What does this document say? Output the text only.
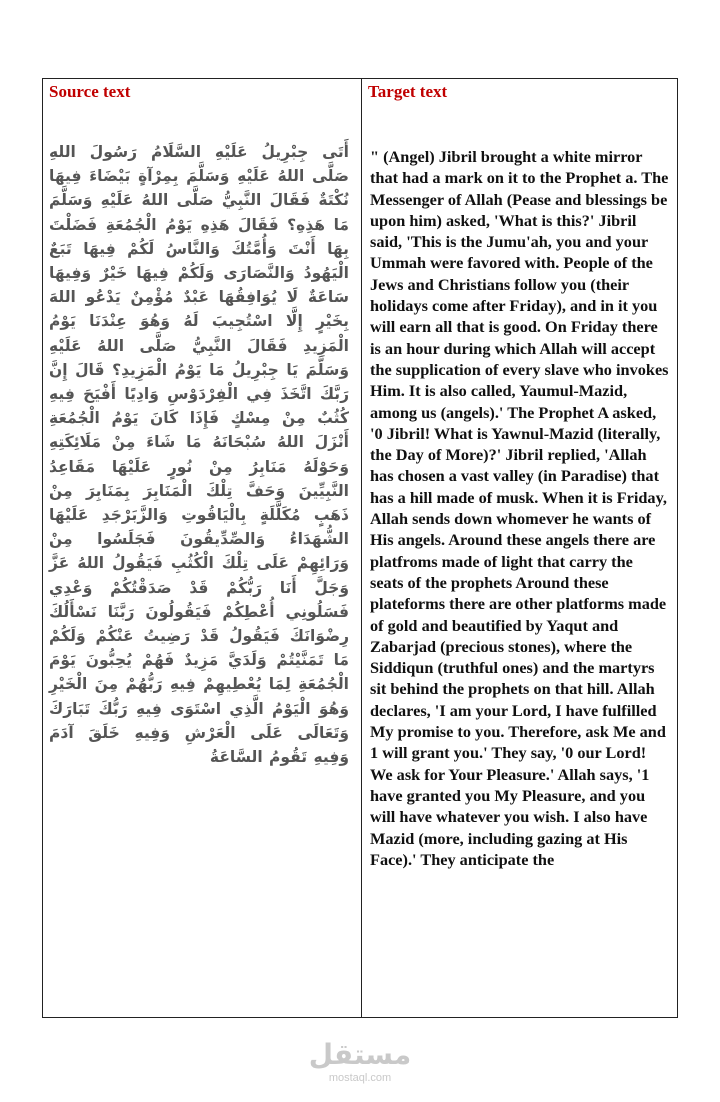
Source text
أَتَى جِبْرِيلُ عَلَيْهِ السَّلَامُ رَسُولَ اللهِ صَلَّى اللهُ عَلَيْهِ وَسَلَّمَ بِمِرْآةٍ بَيْضَاءَ فِيهَا نُكْتَةٌ فَقَالَ النَّبِيُّ صَلَّى اللهُ عَلَيْهِ وَسَلَّمَ مَا هَذِهِ؟ فَقَالَ هَذِهِ يَوْمُ الْجُمُعَةِ فَضَلْتَ بِهَا أَنْتَ وَأُمَّتُكَ وَالنَّاسُ لَكُمْ فِيهَا تَبَعٌ الْيَهُودُ وَالنَّصَارَى وَلَكُمْ فِيهَا خَيْرٌ وَفِيهَا سَاعَةٌ لَا يُوَافِقُهَا عَبْدٌ مُؤْمِنٌ يَدْعُو اللهَ بِخَيْرٍ إِلَّا اسْتُجِيبَ لَهُ وَهُوَ عِنْدَنَا يَوْمُ الْمَزِيدِ فَقَالَ النَّبِيُّ صَلَّى اللهُ عَلَيْهِ وَسَلَّمَ يَا جِبْرِيلُ مَا يَوْمُ الْمَزِيدِ؟ قَالَ إِنَّ رَبَّكَ اتَّخَذَ فِي الْفِرْدَوْسِ وَادِيًا أَفْيَحَ فِيهِ كُثُبٌ مِنْ مِسْكٍ فَإِذَا كَانَ يَوْمُ الْجُمُعَةِ أَنْزَلَ اللهُ سُبْحَانَهُ مَا شَاءَ مِنْ مَلَائِكَتِهِ وَحَوْلَهُ مَنَابِرُ مِنْ نُورٍ عَلَيْهَا مَقَاعِدُ النَّبِيِّينَ وَحَفَّ تِلْكَ الْمَنَابِرَ بِمَنَابِرَ مِنْ ذَهَبٍ مُكَلَّلَةٍ بِالْيَاقُوتِ وَالزَّبَرْجَدِ عَلَيْهَا الشُّهَدَاءُ وَالصِّدِّيقُونَ فَجَلَسُوا مِنْ وَرَائِهِمْ عَلَى تِلْكَ الْكُثُبِ فَيَقُولُ اللهُ عَزَّ وَجَلَّ أَنَا رَبُّكُمْ قَدْ صَدَقْتُكُمْ وَعْدِي فَسَلُونِي أُعْطِكُمْ فَيَقُولُونَ رَبَّنَا نَسْأَلُكَ رِضْوَانَكَ فَيَقُولُ قَدْ رَضِيتُ عَنْكُمْ وَلَكُمْ مَا تَمَنَّيْتُمْ وَلَدَيَّ مَزِيدٌ فَهُمْ يُحِبُّونَ يَوْمَ الْجُمُعَةِ لِمَا يُعْطِيهِمْ فِيهِ رَبُّهُمْ مِنَ الْخَيْرِ وَهُوَ الْيَوْمُ الَّذِي اسْتَوَى فِيهِ رَبُّكَ تَبَارَكَ وَتَعَالَى عَلَى الْعَرْشِ وَفِيهِ خَلَقَ آدَمَ وَفِيهِ تَقُومُ السَّاعَةُ
Target text
" (Angel) Jibril brought a white mirror that had a mark on it to the Prophet a. The Messenger of Allah (Pease and blessings be upon him) asked, 'What is this?' Jibril said, 'This is the Jumu'ah, you and your Ummah were favored with. People of the Jews and Christians follow you (their holidays come after Friday), and in it you will earn all that is good. On Friday there is an hour during which Allah will accept the supplication of every slave who invokes Him. It is also called, Yaumul-Mazid, among us (angels).' The Prophet A asked, '0 Jibril! What is Yawnul-Mazid (literally, the Day of More)?' Jibril replied, 'Allah has chosen a vast valley (in Paradise) that has a hill made of musk. When it is Friday, Allah sends down whomever he wants of His angels. Around these angels there are platfroms made of light that carry the seats of the prophets Around these plateforms there are other platforms made of gold and beautified by Yaqut and Zabarjad (precious stones), where the Siddiqun (truthful ones) and the martyrs sit behind the prophets on that hill. Allah declares, 'I am your Lord, I have fulfilled My promise to you. Therefore, ask Me and 1 will grant you.' They say, '0 our Lord! We ask for Your Pleasure.' Allah says, '1 have granted you My Pleasure, and you will have whatever you wish. I also have Mazid (more, including gazing at His Face).' They anticipate the
مستقل
mostaql.com
